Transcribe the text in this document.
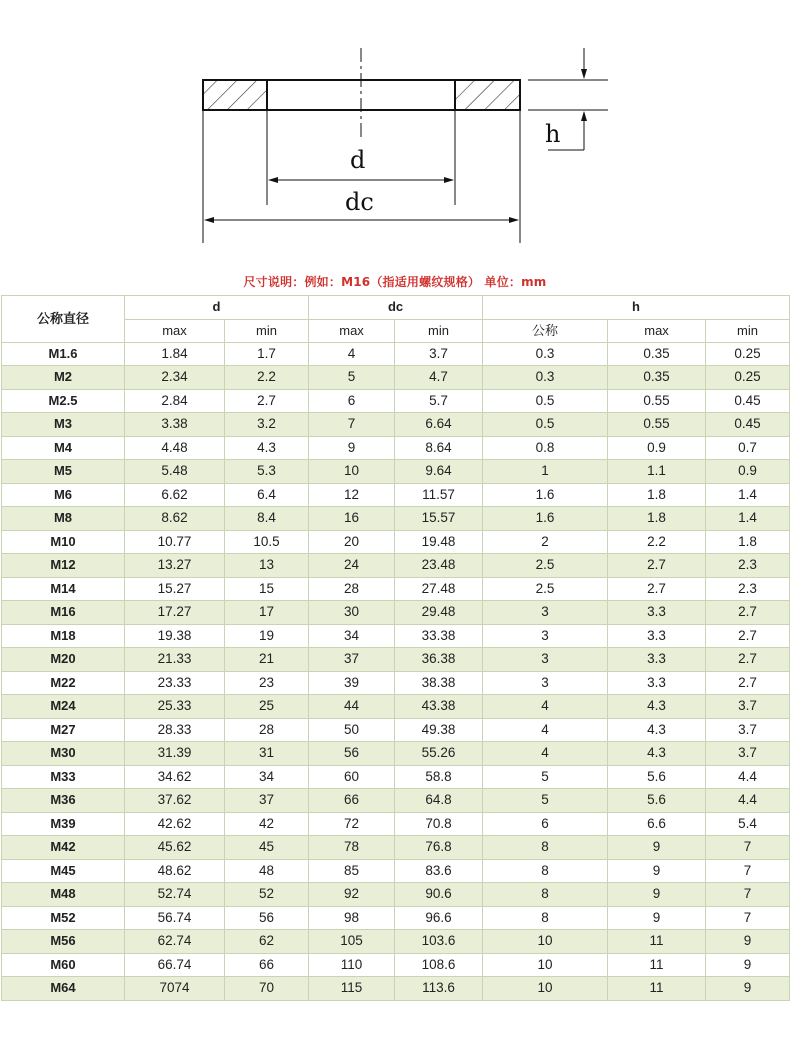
d
dc
h
尺寸说明：例如：M16（指适用螺纹规格） 单位：mm
公称直径	d		dc		h		
	max	min	max	min	公称	max	min
M1.6	1.84	1.7	4	3.7	0.3	0.35	0.25
M2	2.34	2.2	5	4.7	0.3	0.35	0.25
M2.5	2.84	2.7	6	5.7	0.5	0.55	0.45
M3	3.38	3.2	7	6.64	0.5	0.55	0.45
M4	4.48	4.3	9	8.64	0.8	0.9	0.7
M5	5.48	5.3	10	9.64	1	1.1	0.9
M6	6.62	6.4	12	11.57	1.6	1.8	1.4
M8	8.62	8.4	16	15.57	1.6	1.8	1.4
M10	10.77	10.5	20	19.48	2	2.2	1.8
M12	13.27	13	24	23.48	2.5	2.7	2.3
M14	15.27	15	28	27.48	2.5	2.7	2.3
M16	17.27	17	30	29.48	3	3.3	2.7
M18	19.38	19	34	33.38	3	3.3	2.7
M20	21.33	21	37	36.38	3	3.3	2.7
M22	23.33	23	39	38.38	3	3.3	2.7
M24	25.33	25	44	43.38	4	4.3	3.7
M27	28.33	28	50	49.38	4	4.3	3.7
M30	31.39	31	56	55.26	4	4.3	3.7
M33	34.62	34	60	58.8	5	5.6	4.4
M36	37.62	37	66	64.8	5	5.6	4.4
M39	42.62	42	72	70.8	6	6.6	5.4
M42	45.62	45	78	76.8	8	9	7
M45	48.62	48	85	83.6	8	9	7
M48	52.74	52	92	90.6	8	9	7
M52	56.74	56	98	96.6	8	9	7
M56	62.74	62	105	103.6	10	11	9
M60	66.74	66	110	108.6	10	11	9
M64	7074	70	115	113.6	10	11	9
